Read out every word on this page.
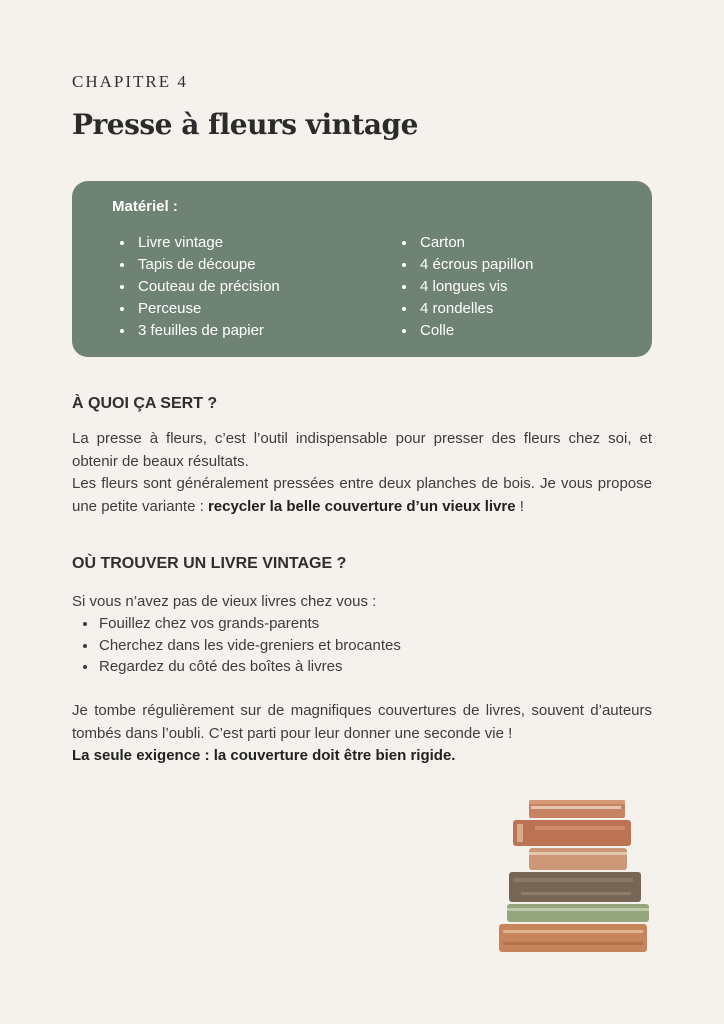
CHAPITRE 4
Presse à fleurs vintage
Matériel :
Livre vintage
Tapis de découpe
Couteau de précision
Perceuse
3 feuilles de papier
Carton
4 écrous papillon
4 longues vis
4 rondelles
Colle
À QUOI ÇA SERT ?

La presse à fleurs, c’est l’outil indispensable pour presser des fleurs chez soi, et obtenir de beaux résultats.

Les fleurs sont généralement pressées entre deux planches de bois. Je vous propose une petite variante : recycler la belle couverture d’un vieux livre !

OÙ TROUVER UN LIVRE VINTAGE ?

Si vous n’avez pas de vieux livres chez vous :

Fouillez chez vos grands-parents
Cherchez dans les vide-greniers et brocantes
Regardez du côté des boîtes à livres

Je tombe régulièrement sur de magnifiques couvertures de livres, souvent d’auteurs tombés dans l’oubli. C’est parti pour leur donner une seconde vie !

La seule exigence : la couverture doit être bien rigide.
